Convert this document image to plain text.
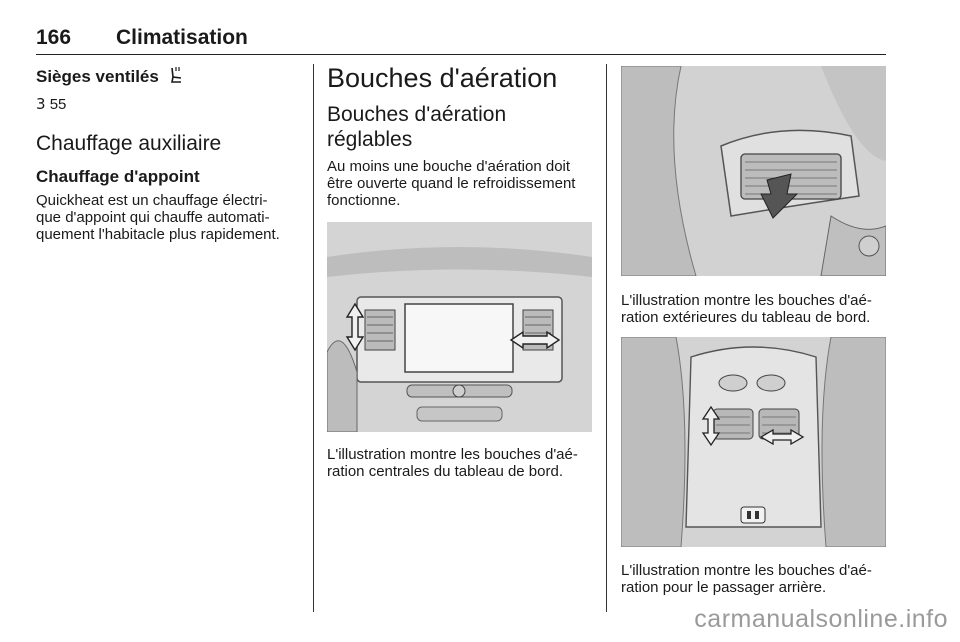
166 Climatisation
Sièges ventilés
3 55
Chauffage auxiliaire
Chauffage d'appoint
Quickheat est un chauffage électri-
que d'appoint qui chauffe automati-
quement l'habitacle plus rapidement.
Bouches d'aération
Bouches d'aération
réglables
Au moins une bouche d'aération doit
être ouverte quand le refroidissement
fonctionne.
L'illustration montre les bouches d'aé-
ration centrales du tableau de bord.
L'illustration montre les bouches d'aé-
ration extérieures du tableau de bord.
L'illustration montre les bouches d'aé-
ration pour le passager arrière.
carmanualsonline.info
